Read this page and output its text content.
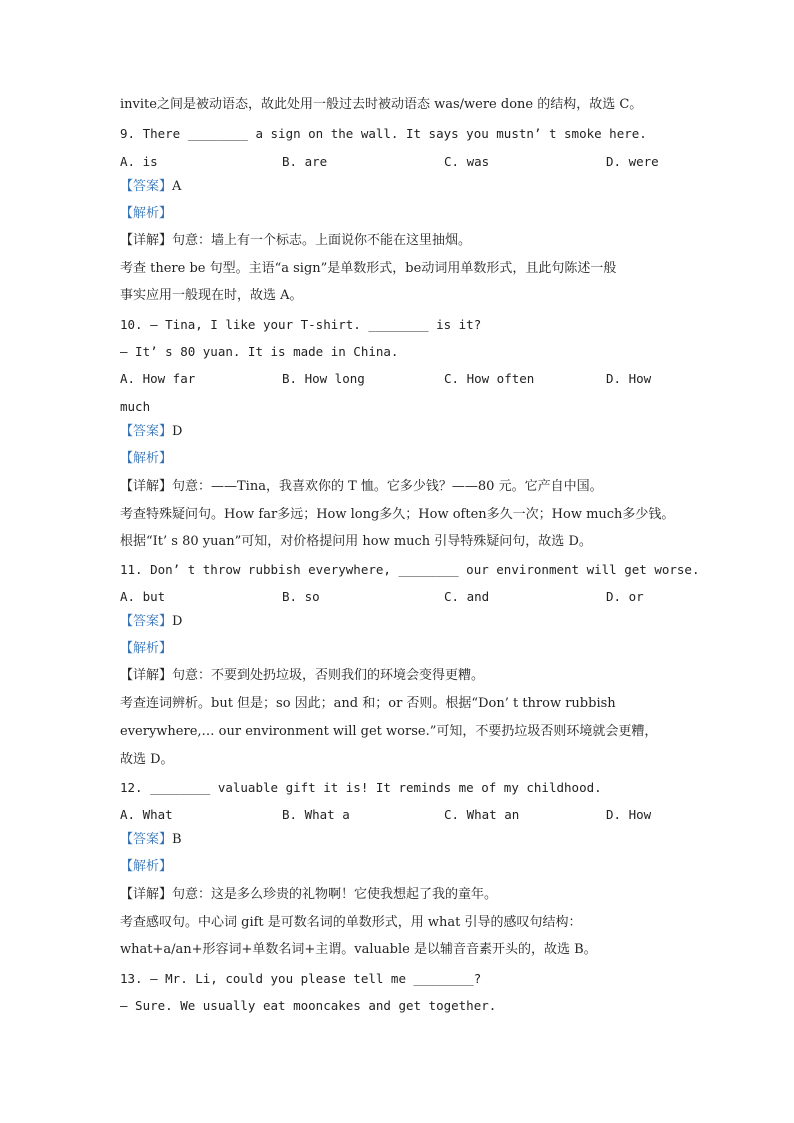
invite之间是被动语态，故此处用一般过去时被动语态 was/were done 的结构，故选 C。
9. There ________ a sign on the wall. It says you mustn’ t smoke here.
A. is	B. are	C. was	D. were
【答案】A
【解析】
【详解】句意：墙上有一个标志。上面说你不能在这里抽烟。
考查 there be 句型。主语“a sign”是单数形式，be动词用单数形式，且此句陈述一般
事实应用一般现在时，故选 A。
10. — Tina, I like your T-shirt. ________ is it?
— It’ s 80 yuan. It is made in China.
A. How far	B. How long	C. How often	D. How
much
【答案】D
【解析】
【详解】句意：——Tina，我喜欢你的 T 恤。它多少钱？——80 元。它产自中国。
考查特殊疑问句。How far多远；How long多久；How often多久一次；How much多少钱。
根据“It’ s 80 yuan”可知，对价格提问用 how much 引导特殊疑问句，故选 D。
11. Don’ t throw rubbish everywhere, ________ our environment will get worse.
A. but	B. so	C. and	D. or
【答案】D
【解析】
【详解】句意：不要到处扔垃圾，否则我们的环境会变得更糟。
考查连词辨析。but 但是；so 因此；and 和；or 否则。根据“Don’ t throw rubbish
everywhere,… our environment will get worse.”可知，不要扔垃圾否则环境就会更糟，
故选 D。
12. ________ valuable gift it is! It reminds me of my childhood.
A. What	B. What a	C. What an	D. How
【答案】B
【解析】
【详解】句意：这是多么珍贵的礼物啊！它使我想起了我的童年。
考查感叹句。中心词 gift 是可数名词的单数形式，用 what 引导的感叹句结构：
what+a/an+形容词+单数名词+主谓。valuable 是以辅音音素开头的，故选 B。
13. — Mr. Li, could you please tell me ________?
— Sure. We usually eat mooncakes and get together.
